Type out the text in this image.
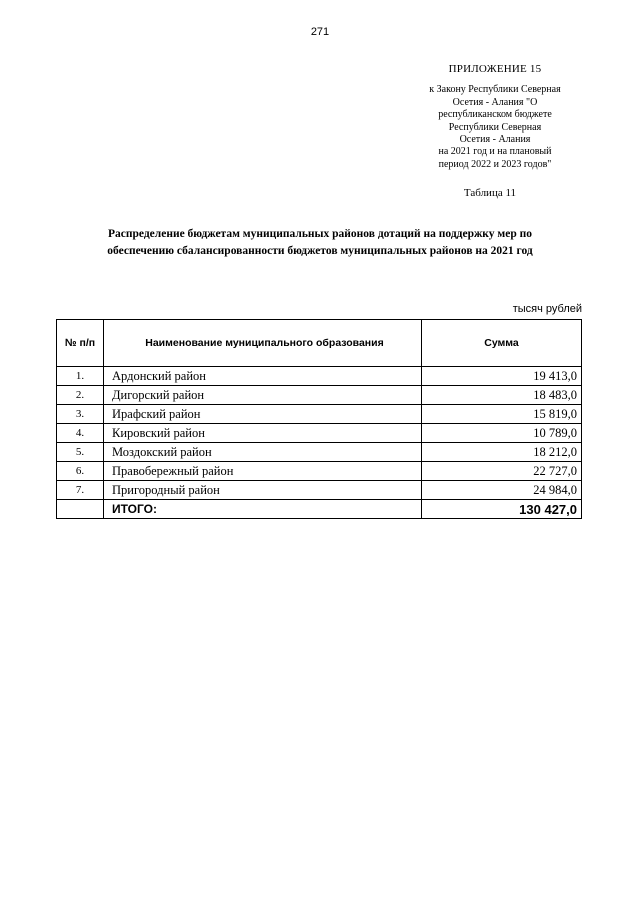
271
ПРИЛОЖЕНИЕ 15
к Закону Республики Северная
Осетия - Алания "О
республиканском бюджете
Республики Северная
Осетия - Алания
на 2021 год и на плановый
период 2022 и 2023 годов"
Таблица 11
Распределение бюджетам муниципальных районов дотаций на поддержку мер по
обеспечению сбалансированности бюджетов муниципальных районов на 2021 год
тысяч рублей
№ п/п	Наименование муниципального образования	Сумма
1.	Ардонский район	19 413,0
2.	Дигорский район	18 483,0
3.	Ирафский район	15 819,0
4.	Кировский район	10 789,0
5.	Моздокский район	18 212,0
6.	Правобережный район	22 727,0
7.	Пригородный район	24 984,0
	ИТОГО:	130 427,0
